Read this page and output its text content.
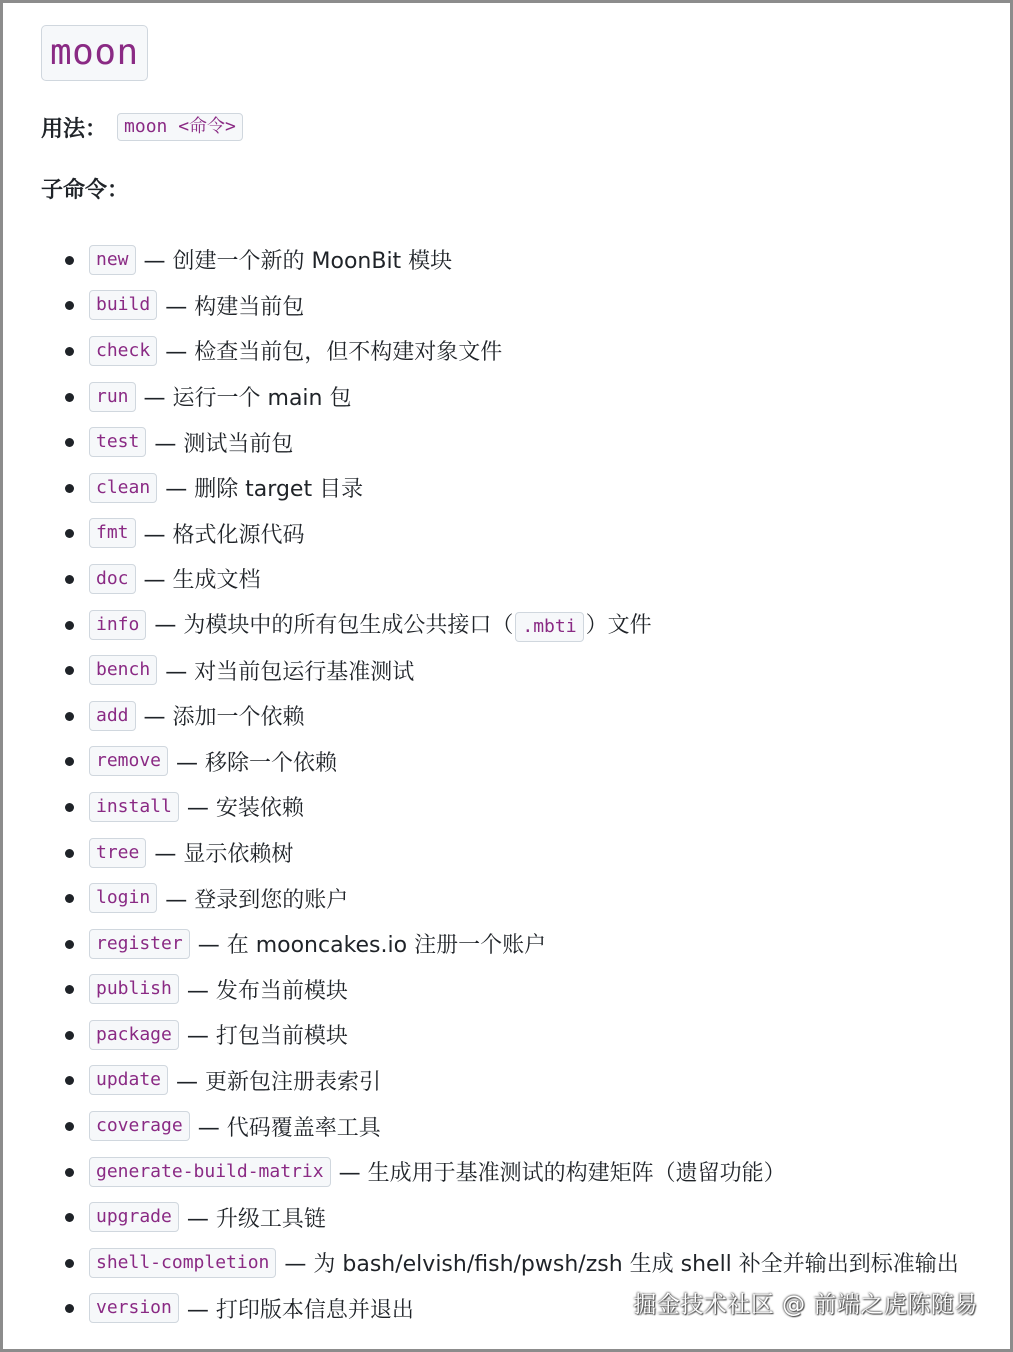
moon
用法： moon <命令>
子命令：
new — 创建一个新的 MoonBit 模块
build — 构建当前包
check — 检查当前包，但不构建对象文件
run — 运行一个 main 包
test — 测试当前包
clean — 删除 target 目录
fmt — 格式化源代码
doc — 生成文档
info — 为模块中的所有包生成公共接口（ .mbti ）文件
bench — 对当前包运行基准测试
add — 添加一个依赖
remove — 移除一个依赖
install — 安装依赖
tree — 显示依赖树
login — 登录到您的账户
register — 在 mooncakes.io 注册一个账户
publish — 发布当前模块
package — 打包当前模块
update — 更新包注册表索引
coverage — 代码覆盖率工具
generate-build-matrix — 生成用于基准测试的构建矩阵（遗留功能）
upgrade — 升级工具链
shell-completion — 为 bash/elvish/fish/pwsh/zsh 生成 shell 补全并输出到标准输出
version — 打印版本信息并退出	掘金技术社区 @ 前端之虎陈随易
